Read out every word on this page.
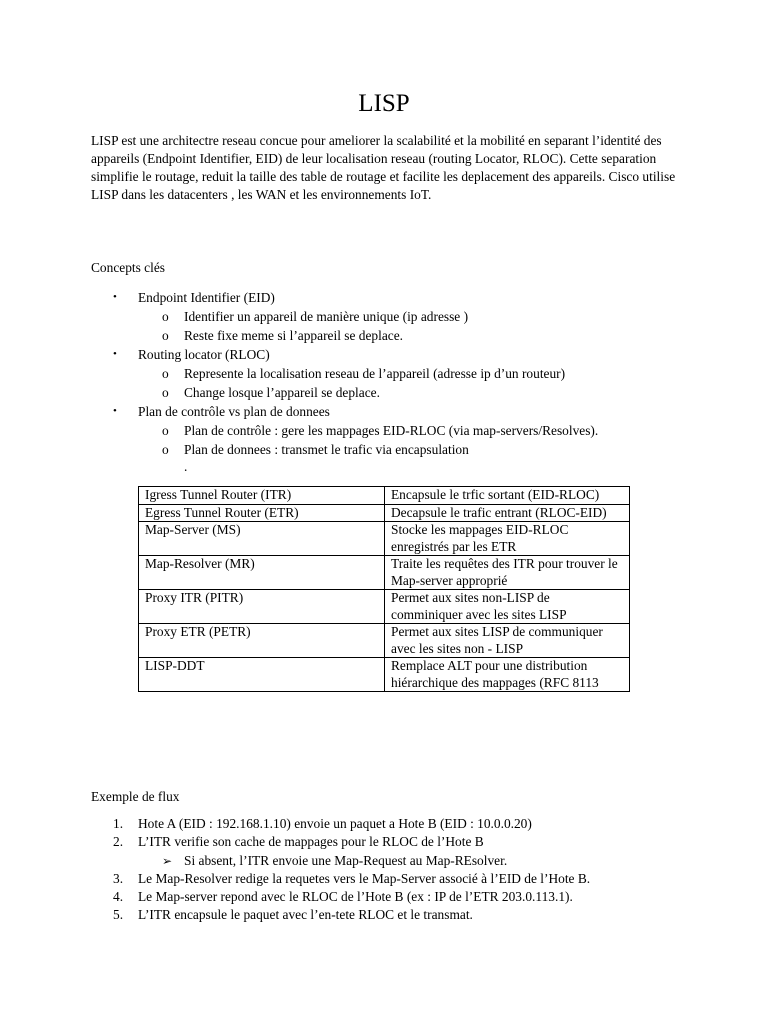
LISP

LISP est une architectre reseau concue pour ameliorer la scalabilité et la mobilité en separant l’identité des appareils (Endpoint Identifier, EID) de leur localisation reseau (routing Locator, RLOC). Cette separation simplifie le routage, reduit la taille des table de routage et facilite les deplacement des appareils. Cisco utilise LISP dans les datacenters , les WAN et les environnements IoT.

Concepts clés
• Endpoint Identifier (EID)
o Identifier un appareil de manière unique (ip adresse )
o Reste fixe meme si l’appareil se deplace.
• Routing locator (RLOC)
o Represente la localisation reseau de l’appareil (adresse ip d’un routeur)
o Change losque l’appareil se deplace.
• Plan de contrôle vs plan de donnees
o Plan de contrôle : gere les mappages EID-RLOC (via map-servers/Resolves).
o Plan de donnees : transmet le trafic via encapsulation
.
Igress Tunnel Router (ITR)	Encapsule le trfic sortant (EID-RLOC)
Egress Tunnel Router (ETR)	Decapsule le trafic entrant (RLOC-EID)
Map-Server (MS)	Stocke les mappages EID-RLOC enregistrés par les ETR
Map-Resolver (MR)	Traite les requêtes des ITR pour trouver le Map-server approprié
Proxy ITR (PITR)	Permet aux sites non-LISP de comminiquer avec les sites LISP
Proxy ETR (PETR)	Permet aux sites LISP de communiquer avec les sites non - LISP
LISP-DDT	Remplace ALT pour une distribution hiérarchique des mappages (RFC 8113
Exemple de flux
1. Hote A (EID : 192.168.1.10) envoie un paquet a Hote B (EID : 10.0.0.20)
2. L’ITR verifie son cache de mappages pour le RLOC de l’Hote B
➢ Si absent, l’ITR envoie une Map-Request au Map-REsolver.
3. Le Map-Resolver redige la requetes vers le Map-Server associé à l’EID de l’Hote B.
4. Le Map-server repond avec le RLOC de l’Hote B (ex : IP de l’ETR 203.0.113.1).
5. L’ITR encapsule le paquet avec l’en-tete RLOC et le transmat.
